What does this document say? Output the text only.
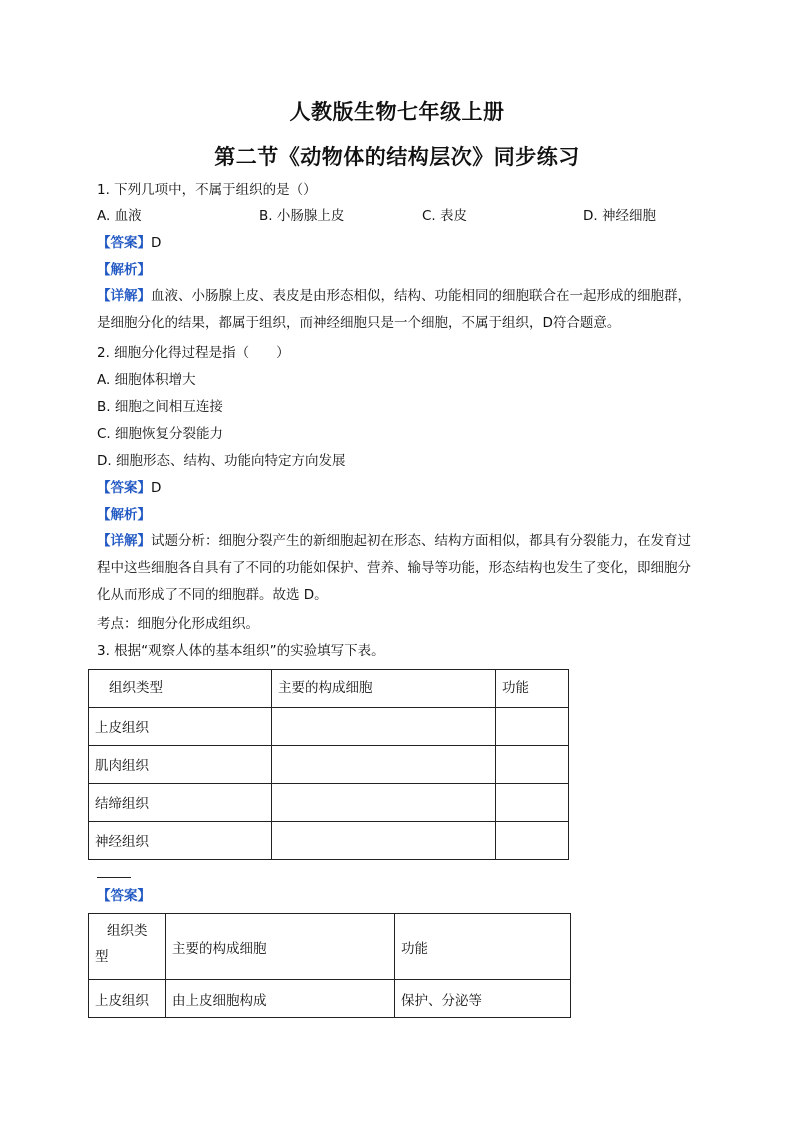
人教版生物七年级上册
第二节《动物体的结构层次》同步练习
1. 下列几项中，不属于组织的是（）
A. 血液	B. 小肠腺上皮	C. 表皮	D. 神经细胞
【答案】D
【解析】
【详解】血液、小肠腺上皮、表皮是由形态相似，结构、功能相同的细胞联合在一起形成的细胞群，是细胞分化的结果，都属于组织，而神经细胞只是一个细胞，不属于组织，D符合题意。
2. 细胞分化得过程是指（　　）
A. 细胞体积增大
B. 细胞之间相互连接
C. 细胞恢复分裂能力
D. 细胞形态、结构、功能向特定方向发展
【答案】D
【解析】
【详解】试题分析：细胞分裂产生的新细胞起初在形态、结构方面相似，都具有分裂能力，在发育过程中这些细胞各自具有了不同的功能如保护、营养、输导等功能，形态结构也发生了变化，即细胞分化从而形成了不同的细胞群。故选 D。
考点：细胞分化形成组织。
3. 根据“观察人体的基本组织”的实验填写下表。
组织类型	主要的构成细胞	功能
上皮组织		
肌肉组织		
结缔组织		
神经组织		
【答案】
组织类型	主要的构成细胞	功能
上皮组织	由上皮细胞构成	保护、分泌等
